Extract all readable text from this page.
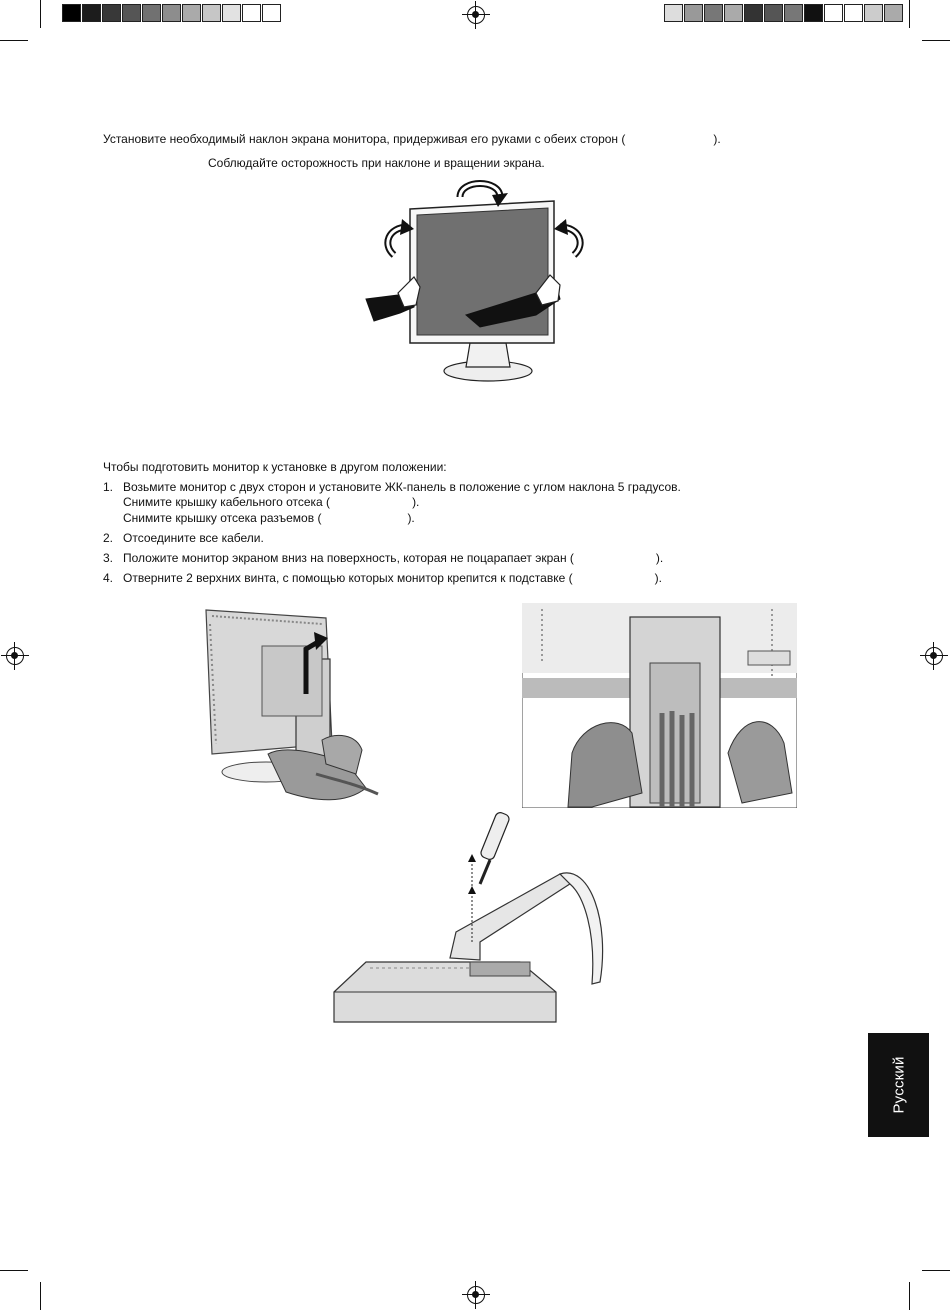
Установите необходимый наклон экрана монитора, придерживая его руками с обеих сторон (	).
Соблюдайте осторожность при наклоне и вращении экрана.
Чтобы подготовить монитор к установке в другом положении:
1. Возьмите монитор с двух сторон и установите ЖК-панель в положение с углом наклона 5 градусов.
Снимите крышку кабельного отсека (	).
Снимите крышку отсека разъемов (	).
2. Отсоедините все кабели.
3. Положите монитор экраном вниз на поверхность, которая не поцарапает экран (	).
4. Отверните 2 верхних винта, с помощью которых монитор крепится к подставке (	).
Русский
